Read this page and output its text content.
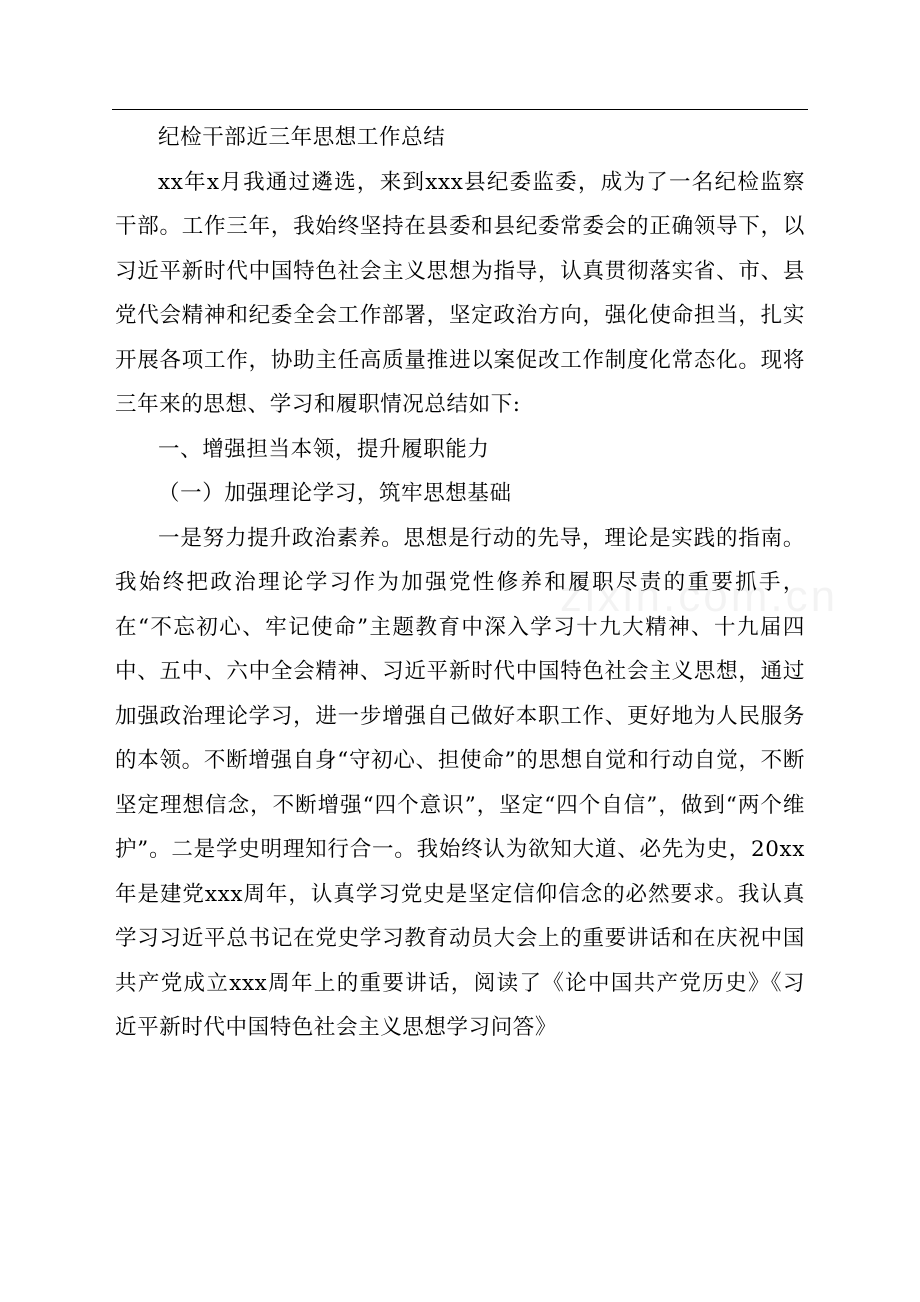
纪检干部近三年思想工作总结

xx年x月我通过遴选，来到xxx县纪委监委，成为了一名纪检监察干部。工作三年，我始终坚持在县委和县纪委常委会的正确领导下，以习近平新时代中国特色社会主义思想为指导，认真贯彻落实省、市、县党代会精神和纪委全会工作部署，坚定政治方向，强化使命担当，扎实开展各项工作，协助主任高质量推进以案促改工作制度化常态化。现将三年来的思想、学习和履职情况总结如下:

一、增强担当本领，提升履职能力

（一）加强理论学习，筑牢思想基础

一是努力提升政治素养。思想是行动的先导，理论是实践的指南。我始终把政治理论学习作为加强党性修养和履职尽责的重要抓手，在“不忘初心、牢记使命”主题教育中深入学习十九大精神、十九届四中、五中、六中全会精神、习近平新时代中国特色社会主义思想，通过加强政治理论学习，进一步增强自己做好本职工作、更好地为人民服务的本领。不断增强自身“守初心、担使命”的思想自觉和行动自觉，不断坚定理想信念，不断增强“四个意识”，坚定“四个自信”，做到“两个维护”。二是学史明理知行合一。我始终认为欲知大道、必先为史，20xx年是建党xxx周年，认真学习党史是坚定信仰信念的必然要求。我认真学习习近平总书记在党史学习教育动员大会上的重要讲话和在庆祝中国共产党成立xxx周年上的重要讲话，阅读了《论中国共产党历史》《习近平新时代中国特色社会主义思想学习问答》
